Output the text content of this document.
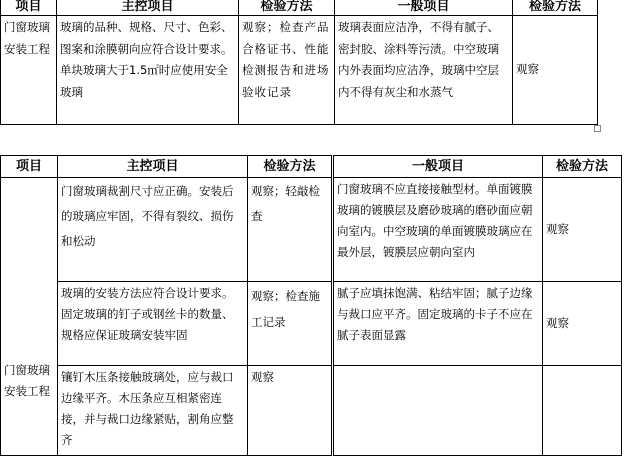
项目	主控项目	检验方法	一般项目	检验方法
门窗玻璃安装工程	玻璃的品种、规格、尺寸、色彩、图案和涂膜朝向应符合设计要求。单块玻璃大于1.5㎡时应使用安全玻璃	观察；检查产品合格证书、性能检测报告和进场验收记录	玻璃表面应洁净，不得有腻子、密封胶、涂料等污渍。中空玻璃内外表面均应洁净，玻璃中空层内不得有灰尘和水蒸气	观察
项目	主控项目	检验方法	一般项目	检验方法
门窗玻璃安装工程	门窗玻璃裁割尺寸应正确。安装后的玻璃应牢固，不得有裂纹、损伤和松动	观察；轻敲检查	门窗玻璃不应直接接触型材。单面镀膜玻璃的镀膜层及磨砂玻璃的磨砂面应朝向室内。中空玻璃的单面镀膜玻璃应在最外层，镀膜层应朝向室内	观察
	玻璃的安装方法应符合设计要求。固定玻璃的钉子或钢丝卡的数量、规格应保证玻璃安装牢固	观察；检查施工记录	腻子应填抹饱满、粘结牢固；腻子边缘与裁口应平齐。固定玻璃的卡子不应在腻子表面显露	观察
	镶钉木压条接触玻璃处，应与裁口边缘平齐。木压条应互相紧密连接，并与裁口边缘紧贴，割角应整齐	观察		
